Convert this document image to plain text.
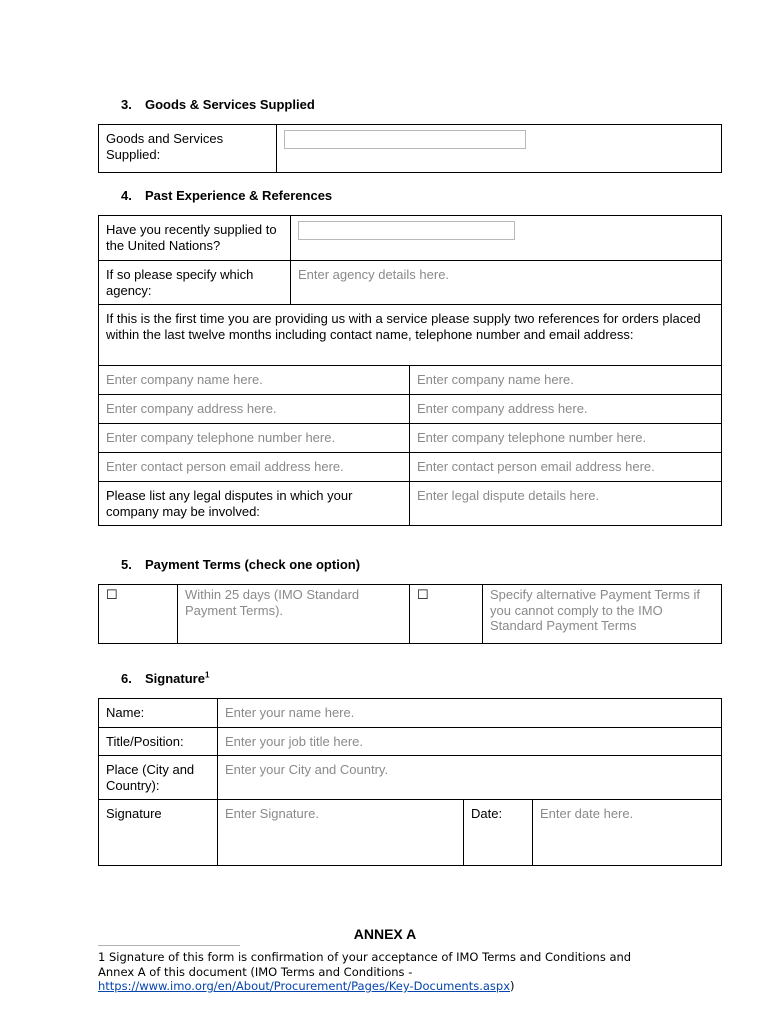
3. Goods & Services Supplied
Goods and Services Supplied:	
4. Past Experience & References
Have you recently supplied to the United Nations?	

If so please specify which agency:	Enter agency details here.
If this is the first time you are providing us with a service please supply two references for orders placed within the last twelve months including contact name, telephone number and email address:	
Enter company name here.	Enter company name here.
Enter company address here.	Enter company address here.
Enter company telephone number here.	Enter company telephone number here.
Enter contact person email address here.	Enter contact person email address here.
Please list any legal disputes in which your company may be involved:	Enter legal dispute details here.
5. Payment Terms (check one option)
☐	Within 25 days (IMO Standard Payment Terms).	☐	Specify alternative Payment Terms if you cannot comply to the IMO Standard Payment Terms
6. Signature$^1$
Name:	Enter your name here.		
Title/Position:	Enter your job title here.		
Place (City and Country):	Enter your City and Country.		
Signature	Enter Signature.	Date:	Enter date here.
ANNEX A
1 Signature of this form is confirmation of your acceptance of IMO Terms and Conditions and Annex A of this document (IMO Terms and Conditions - https://www.imo.org/en/About/Procurement/Pages/Key-Documents.aspx)
